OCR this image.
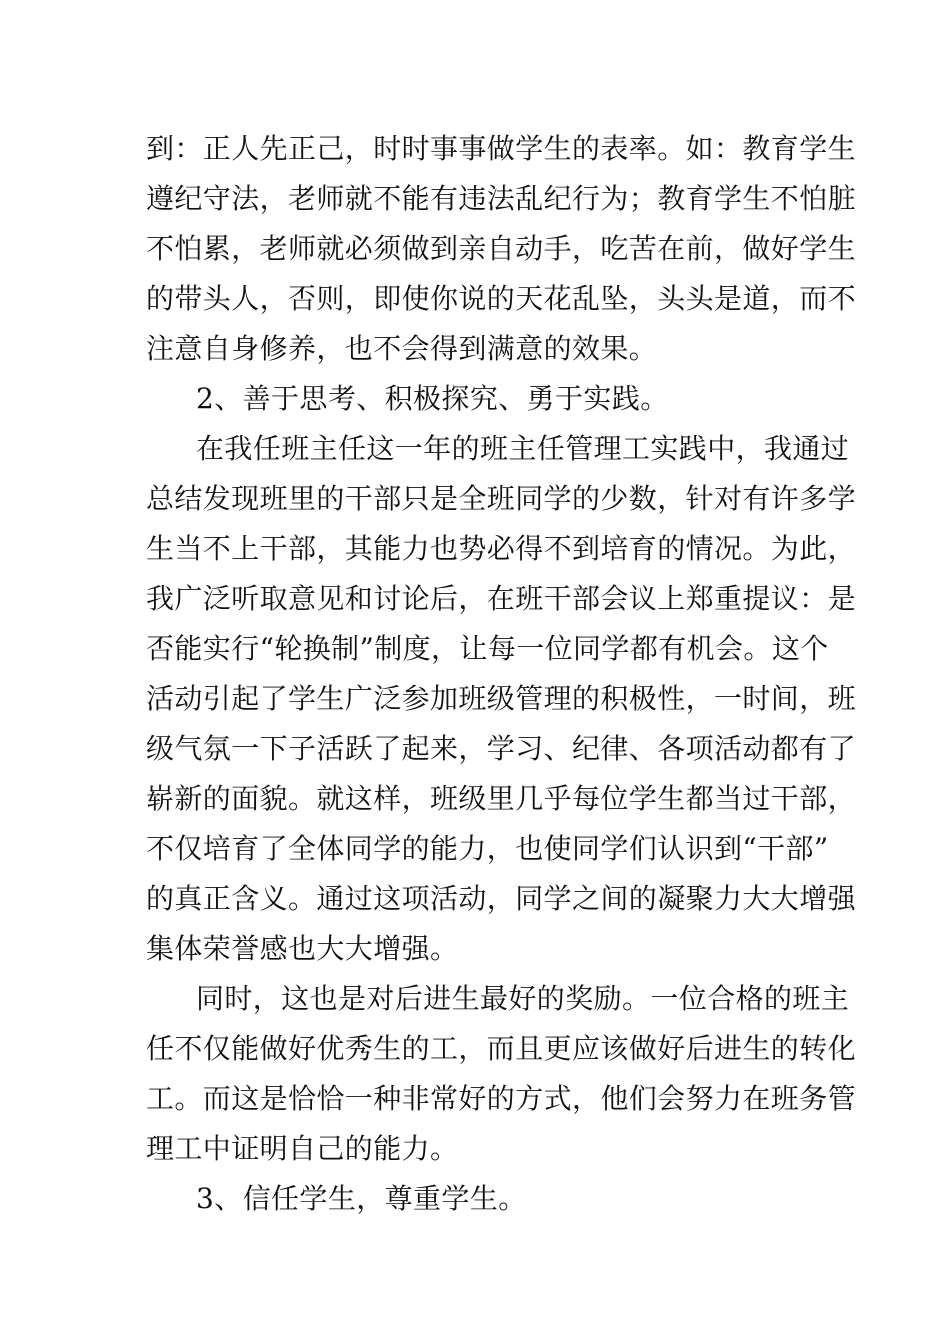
到：正人先正己，时时事事做学生的表率。如：教育学生
遵纪守法，老师就不能有违法乱纪行为；教育学生不怕脏
不怕累，老师就必须做到亲自动手，吃苦在前，做好学生
的带头人，否则，即使你说的天花乱坠，头头是道，而不
注意自身修养，也不会得到满意的效果。
2、善于思考、积极探究、勇于实践。
在我任班主任这一年的班主任管理工实践中，我通过
总结发现班里的干部只是全班同学的少数，针对有许多学
生当不上干部，其能力也势必得不到培育的情况。为此，
我广泛听取意见和讨论后，在班干部会议上郑重提议：是
否能实行“轮换制”制度，让每一位同学都有机会。这个
活动引起了学生广泛参加班级管理的积极性，一时间，班
级气氛一下子活跃了起来，学习、纪律、各项活动都有了
崭新的面貌。就这样，班级里几乎每位学生都当过干部，
不仅培育了全体同学的能力，也使同学们认识到“干部”
的真正含义。通过这项活动，同学之间的凝聚力大大增强
集体荣誉感也大大增强。
同时，这也是对后进生最好的奖励。一位合格的班主
任不仅能做好优秀生的工，而且更应该做好后进生的转化
工。而这是恰恰一种非常好的方式，他们会努力在班务管
理工中证明自己的能力。
3、信任学生，尊重学生。
